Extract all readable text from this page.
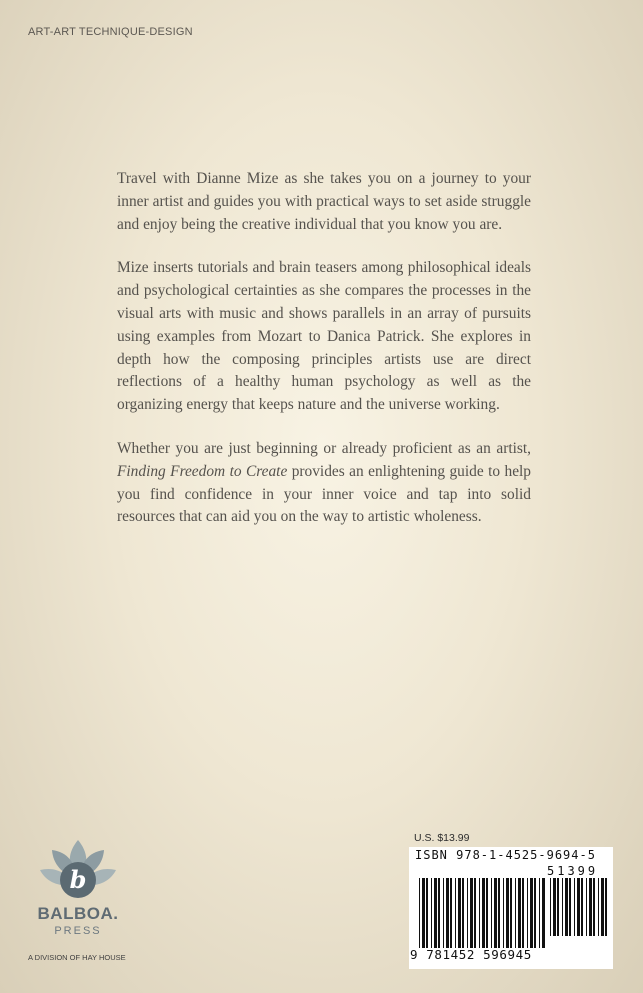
ART-ART TECHNIQUE-DESIGN

Travel with Dianne Mize as she takes you on a journey to your inner artist and guides you with practical ways to set aside struggle and enjoy being the creative individual that you know you are.

Mize inserts tutorials and brain teasers among philosophical ideals and psychological certainties as she compares the processes in the visual arts with music and shows parallels in an array of pursuits using examples from Mozart to Danica Patrick. She explores in depth how the composing principles artists use are direct reflections of a healthy human psychology as well as the organizing energy that keeps nature and the universe working.

Whether you are just beginning or already proficient as an artist, Finding Freedom to Create provides an enlightening guide to help you find confidence in your inner voice and tap into solid resources that can aid you on the way to artistic wholeness.

b
BALBOA.
PRESS
A DIVISION OF HAY HOUSE
U.S. $13.99
ISBN 978-1-4525-9694-5
51399
9 781452 596945
